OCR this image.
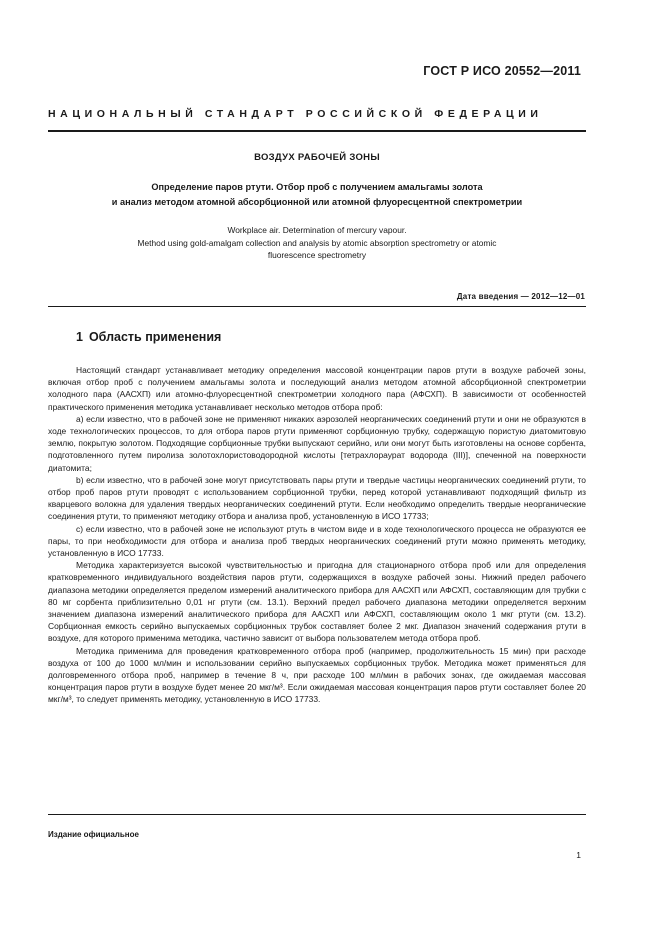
ГОСТ Р ИСО 20552—2011
НАЦИОНАЛЬНЫЙ СТАНДАРТ РОССИЙСКОЙ ФЕДЕРАЦИИ
ВОЗДУХ РАБОЧЕЙ ЗОНЫ
Определение паров ртути. Отбор проб с получением амальгамы золота
и анализ методом атомной абсорбционной или атомной флуоресцентной спектрометрии
Workplace air. Determination of mercury vapour.
Method using gold-amalgam collection and analysis by atomic absorption spectrometry or atomic
fluorescence spectrometry
Дата введения — 2012—12—01
1 Область применения

Настоящий стандарт устанавливает методику определения массовой концентрации паров ртути в воздухе рабочей зоны, включая отбор проб с получением амальгамы золота и последующий анализ методом атомной абсорбционной спектрометрии холодного пара (ААСХП) или атомно-флуоресцентной спектрометрии холодного пара (АФСХП). В зависимости от особенностей практического применения методика устанавливает несколько методов отбора проб:

а) если известно, что в рабочей зоне не применяют никаких аэрозолей неорганических соединений ртути и они не образуются в ходе технологических процессов, то для отбора паров ртути применяют сорбционную трубку, содержащую пористую диатомитовую землю, покрытую золотом. Подходящие сорбционные трубки выпускают серийно, или они могут быть изготовлены на основе сорбента, подготовленного путем пиролиза золотохлористоводородной кислоты [тетрахлораурат водорода (III)], спеченной на поверхности диатомита;

b) если известно, что в рабочей зоне могут присутствовать пары ртути и твердые частицы неорганических соединений ртути, то отбор проб паров ртути проводят с использованием сорбционной трубки, перед которой устанавливают подходящий фильтр из кварцевого волокна для удаления твердых неорганических соединений ртути. Если необходимо определить твердые неорганические соединения ртути, то применяют методику отбора и анализа проб, установленную в ИСО 17733;

с) если известно, что в рабочей зоне не используют ртуть в чистом виде и в ходе технологического процесса не образуются ее пары, то при необходимости для отбора и анализа проб твердых неорганических соединений ртути можно применять методику, установленную в ИСО 17733.

Методика характеризуется высокой чувствительностью и пригодна для стационарного отбора проб или для определения кратковременного индивидуального воздействия паров ртути, содержащихся в воздухе рабочей зоны. Нижний предел рабочего диапазона методики определяется пределом измерений аналитического прибора для ААСХП или АФСХП, составляющим для трубки с 80 мг сорбента приблизительно 0,01 нг ртути (см. 13.1). Верхний предел рабочего диапазона методики определяется верхним значением диапазона измерений аналитического прибора для ААСХП или АФСХП, составляющим около 1 мкг ртути (см. 13.2). Сорбционная емкость серийно выпускаемых сорбционных трубок составляет более 2 мкг. Диапазон значений содержания ртути в воздухе, для которого применима методика, частично зависит от выбора пользователем метода отбора проб.

Методика применима для проведения кратковременного отбора проб (например, продолжительность 15 мин) при расходе воздуха от 100 до 1000 мл/мин и использовании серийно выпускаемых сорбционных трубок. Методика может применяться для долговременного отбора проб, например в течение 8 ч, при расходе 100 мл/мин в рабочих зонах, где ожидаемая массовая концентрация паров ртути в воздухе будет менее 20 мкг/м³. Если ожидаемая массовая концентрация паров ртути составляет более 20 мкг/м³, то следует применять методику, установленную в ИСО 17733.

Издание официальное
1
